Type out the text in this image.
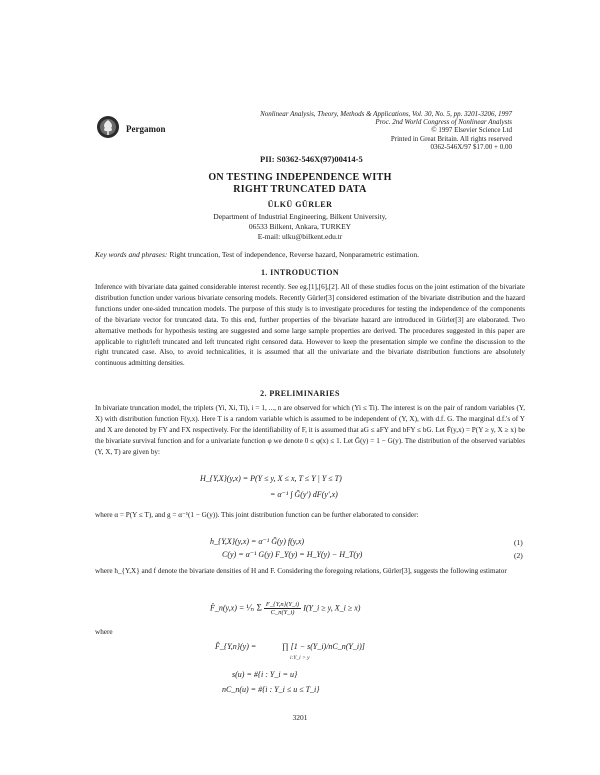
Pergamon
Nonlinear Analysis, Theory, Methods & Applications, Vol. 30, No. 5, pp. 3201-3206, 1997
Proc. 2nd World Congress of Nonlinear Analysts
© 1997 Elsevier Science Ltd
Printed in Great Britain. All rights reserved
0362-546X/97 $17.00 + 0.00
PII: S0362-546X(97)00414-5
ON TESTING INDEPENDENCE WITH
RIGHT TRUNCATED DATA
ÜLKÜ GÜRLER
Department of Industrial Engineering, Bilkent University,
06533 Bilkent, Ankara, TURKEY
E-mail: ulku@bilkent.edu.tr
Key words and phrases: Right truncation, Test of independence, Reverse hazard, Nonparametric estimation.
1. INTRODUCTION
Inference with bivariate data gained considerable interest recently. See eg.[1],[6],[2]. All of these studies focus on the joint estimation of the bivariate distribution function under various bivariate censoring models. Recently Gürler[3] considered estimation of the bivariate distribution and the hazard functions under one-sided truncation models. The purpose of this study is to investigate procedures for testing the independence of the components of the bivariate vector for truncated data. To this end, further properties of the bivariate hazard are introduced in Gürler[3] are elaborated. Two alternative methods for hypothesis testing are suggested and some large sample properties are derived. The procedures suggested in this paper are applicable to right/left truncated and left truncated right censored data. However to keep the presentation simple we confine the discussion to the right truncated case. Also, to avoid technicalities, it is assumed that all the univariate and the bivariate distribution functions are absolutely continuous admitting densities.
2. PRELIMINARIES
In bivariate truncation model, the triplets (Yi, Xi, Ti), i = 1, ..., n are observed for which (Yi ≤ Ti). The interest is on the pair of random variables (Y, X) with distribution function F(y,x). Here T is a random variable which is assumed to be independent of (Y, X), with d.f. G. The marginal d.f.'s of Y and X are denoted by FY and FX respectively. For the identifiability of F, it is assumed that aG ≤ aFY and bFY ≤ bG. Let F̄(y,x) = P(Y ≥ y, X ≥ x) be the bivariate survival function and for a univariate function φ we denote 0 ≤ φ(x) ≤ 1. Let Ḡ(y) = 1 − G(y). The distribution of the observed variables (Y, X, T) are given by:
H_{Y,X}(y,x) = P(Y ≤ y, X ≤ x, T ≤ Y | Y ≤ T)
= α⁻¹ ∫ Ḡ(y') dF(y',x)
where α = P(Y ≤ T), and g = α⁻¹(1 − G(y)). This joint distribution function can be further elaborated to consider:
h_{Y,X}(y,x) = α⁻¹ Ḡ(y) f(y,x)	(1)
C(y) = α⁻¹ G(y) F_Y(y) = H_Y(y) − H_T(y)	(2)
where h_{Y,X} and f denote the bivariate densities of H and F. Considering the foregoing relations, Gürler[3], suggests the following estimator
F̂_n(y,x) = ¹⁄ₙ Σ $\frac{F\_\{Y,n\}(Y\_i)}{C\_n(Y\_i)}$ I(Y_i ≥ y, X_i ≥ x)
where
F̂_{Y,n}(y) =	∏ [1 − s(Y_i)/nC_n(Y_i)]
i:Y_i > y
s(u) = #{i : Y_i = u}
nC_n(u) = #{i : Y_i ≤ u ≤ T_i}
3201
